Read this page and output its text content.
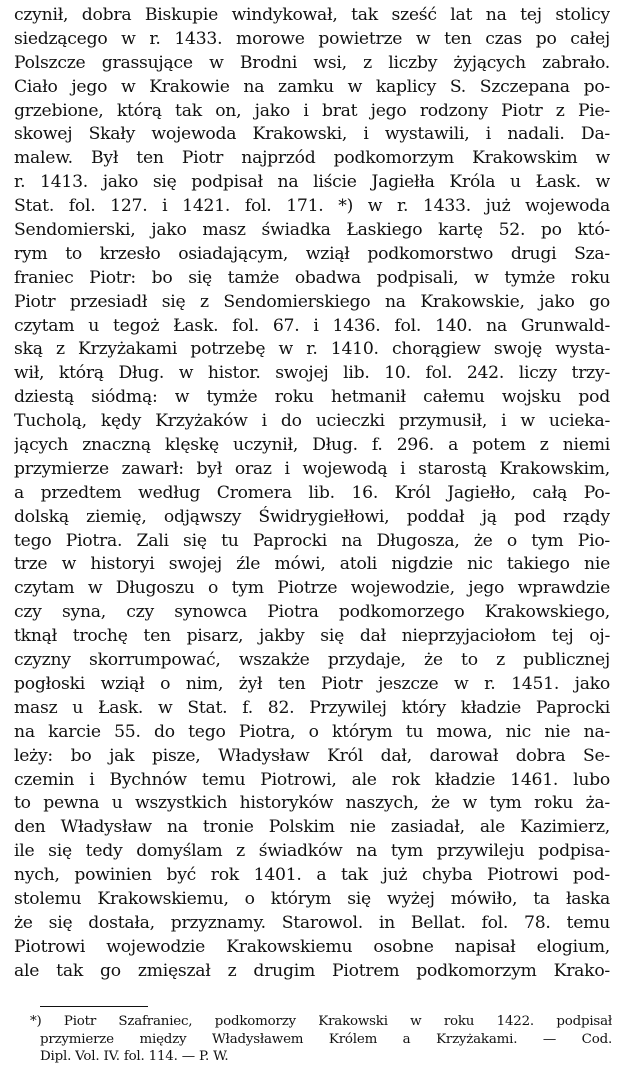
czynił, dobra Biskupie windykował, tak sześć lat na tej stolicy
siedzącego w r. 1433. morowe powietrze w ten czas po całej
Polszcze grassujące w Brodni wsi, z liczby żyjących zabrało.
Ciało jego w Krakowie na zamku w kaplicy S. Szczepana po-
grzebione, którą tak on, jako i brat jego rodzony Piotr z Pie-
skowej Skały wojewoda Krakowski, i wystawili, i nadali. Da-
malew. Był ten Piotr najprzód podkomorzym Krakowskim w
r. 1413. jako się podpisał na liście Jagiełła Króla u Łask. w
Stat. fol. 127. i 1421. fol. 171. *) w r. 1433. już wojewoda
Sendomierski, jako masz świadka Łaskiego kartę 52. po któ-
rym to krzesło osiadającym, wziął podkomorstwo drugi Sza-
franiec Piotr: bo się tamże obadwa podpisali, w tymże roku
Piotr przesiadł się z Sendomierskiego na Krakowskie, jako go
czytam u tegoż Łask. fol. 67. i 1436. fol. 140. na Grunwald-
ską z Krzyżakami potrzebę w r. 1410. chorągiew swoję wysta-
wił, którą Dług. w histor. swojej lib. 10. fol. 242. liczy trzy-
dziestą siódmą: w tymże roku hetmanił całemu wojsku pod
Tucholą, kędy Krzyżaków i do ucieczki przymusił, i w ucieka-
jących znaczną klęskę uczynił, Dług. f. 296. a potem z niemi
przymierze zawarł: był oraz i wojewodą i starostą Krakowskim,
a przedtem według Cromera lib. 16. Król Jagiełło, całą Po-
dolską ziemię, odjąwszy Świdrygiełłowi, poddał ją pod rządy
tego Piotra. Zali się tu Paprocki na Długosza, że o tym Pio-
trze w historyi swojej źle mówi, atoli nigdzie nic takiego nie
czytam w Długoszu o tym Piotrze wojewodzie, jego wprawdzie
czy syna, czy synowca Piotra podkomorzego Krakowskiego,
tknął trochę ten pisarz, jakby się dał nieprzyjaciołom tej oj-
czyzny skorrumpować, wszakże przydaje, że to z publicznej
pogłoski wziął o nim, żył ten Piotr jeszcze w r. 1451. jako
masz u Łask. w Stat. f. 82. Przywilej który kładzie Paprocki
na karcie 55. do tego Piotra, o którym tu mowa, nic nie na-
leży: bo jak pisze, Władysław Król dał, darował dobra Se-
czemin i Bychnów temu Piotrowi, ale rok kładzie 1461. lubo
to pewna u wszystkich historyków naszych, że w tym roku ża-
den Władysław na tronie Polskim nie zasiadał, ale Kazimierz,
ile się tedy domyślam z świadków na tym przywileju podpisa-
nych, powinien być rok 1401. a tak już chyba Piotrowi pod-
stolemu Krakowskiemu, o którym się wyżej mówiło, ta łaska
że się dostała, przyznamy. Starowol. in Bellat. fol. 78. temu
Piotrowi wojewodzie Krakowskiemu osobne napisał elogium,
ale tak go zmięszał z drugim Piotrem podkomorzym Krako-
*) Piotr Szafraniec, podkomorzy Krakowski w roku 1422. podpisał
przymierze między Władysławem Królem a Krzyżakami. — Cod.
Dipl. Vol. IV. fol. 114. — P. W.
